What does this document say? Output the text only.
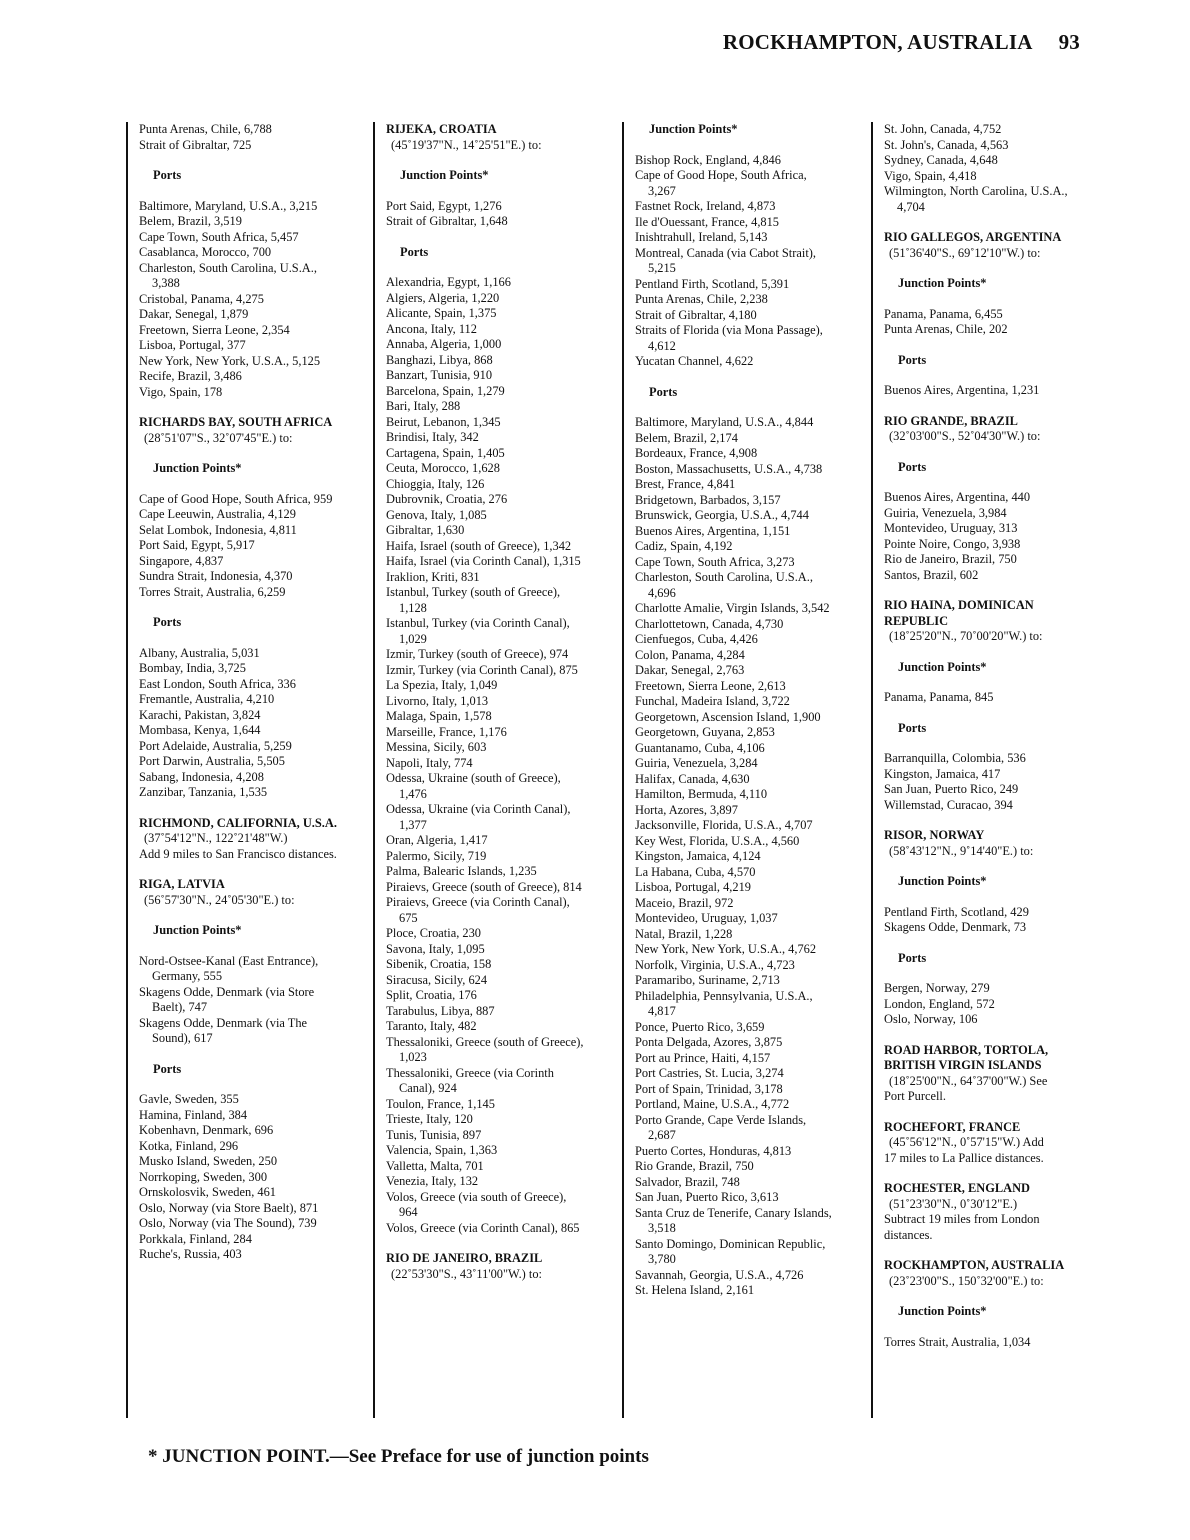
ROCKHAMPTON, AUSTRALIA 93
Punta Arenas, Chile, 6,788
Strait of Gibraltar, 725
Ports
Baltimore, Maryland, U.S.A., 3,215
Belem, Brazil, 3,519
Cape Town, South Africa, 5,457
Casablanca, Morocco, 700
Charleston, South Carolina, U.S.A., 3,388
Cristobal, Panama, 4,275
Dakar, Senegal, 1,879
Freetown, Sierra Leone, 2,354
Lisboa, Portugal, 377
New York, New York, U.S.A., 5,125
Recife, Brazil, 3,486
Vigo, Spain, 178
RICHARDS BAY, SOUTH AFRICA
(28˚51'07"S., 32˚07'45"E.) to:
Junction Points*
Cape of Good Hope, South Africa, 959
Cape Leeuwin, Australia, 4,129
Selat Lombok, Indonesia, 4,811
Port Said, Egypt, 5,917
Singapore, 4,837
Sundra Strait, Indonesia, 4,370
Torres Strait, Australia, 6,259
Ports
Albany, Australia, 5,031
Bombay, India, 3,725
East London, South Africa, 336
Fremantle, Australia, 4,210
Karachi, Pakistan, 3,824
Mombasa, Kenya, 1,644
Port Adelaide, Australia, 5,259
Port Darwin, Australia, 5,505
Sabang, Indonesia, 4,208
Zanzibar, Tanzania, 1,535
RICHMOND, CALIFORNIA, U.S.A.
(37˚54'12"N., 122˚21'48"W.)
Add 9 miles to San Francisco distances.
RIGA, LATVIA
(56˚57'30"N., 24˚05'30"E.) to:
Junction Points*
Nord-Ostsee-Kanal (East Entrance), Germany, 555
Skagens Odde, Denmark (via Store Baelt), 747
Skagens Odde, Denmark (via The Sound), 617
Ports
Gavle, Sweden, 355
Hamina, Finland, 384
Kobenhavn, Denmark, 696
Kotka, Finland, 296
Musko Island, Sweden, 250
Norrkoping, Sweden, 300
Ornskolosvik, Sweden, 461
Oslo, Norway (via Store Baelt), 871
Oslo, Norway (via The Sound), 739
Porkkala, Finland, 284
Ruche's, Russia, 403
RIJEKA, CROATIA
(45˚19'37"N., 14˚25'51"E.) to:
Junction Points*
Port Said, Egypt, 1,276
Strait of Gibraltar, 1,648
Ports
Alexandria, Egypt, 1,166
Algiers, Algeria, 1,220
Alicante, Spain, 1,375
Ancona, Italy, 112
Annaba, Algeria, 1,000
Banghazi, Libya, 868
Banzart, Tunisia, 910
Barcelona, Spain, 1,279
Bari, Italy, 288
Beirut, Lebanon, 1,345
Brindisi, Italy, 342
Cartagena, Spain, 1,405
Ceuta, Morocco, 1,628
Chioggia, Italy, 126
Dubrovnik, Croatia, 276
Genova, Italy, 1,085
Gibraltar, 1,630
Haifa, Israel (south of Greece), 1,342
Haifa, Israel (via Corinth Canal), 1,315
Iraklion, Kriti, 831
Istanbul, Turkey (south of Greece), 1,128
Istanbul, Turkey (via Corinth Canal), 1,029
Izmir, Turkey (south of Greece), 974
Izmir, Turkey (via Corinth Canal), 875
La Spezia, Italy, 1,049
Livorno, Italy, 1,013
Malaga, Spain, 1,578
Marseille, France, 1,176
Messina, Sicily, 603
Napoli, Italy, 774
Odessa, Ukraine (south of Greece), 1,476
Odessa, Ukraine (via Corinth Canal), 1,377
Oran, Algeria, 1,417
Palermo, Sicily, 719
Palma, Balearic Islands, 1,235
Piraievs, Greece (south of Greece), 814
Piraievs, Greece (via Corinth Canal), 675
Ploce, Croatia, 230
Savona, Italy, 1,095
Sibenik, Croatia, 158
Siracusa, Sicily, 624
Split, Croatia, 176
Tarabulus, Libya, 887
Taranto, Italy, 482
Thessaloniki, Greece (south of Greece), 1,023
Thessaloniki, Greece (via Corinth Canal), 924
Toulon, France, 1,145
Trieste, Italy, 120
Tunis, Tunisia, 897
Valencia, Spain, 1,363
Valletta, Malta, 701
Venezia, Italy, 132
Volos, Greece (via south of Greece), 964
Volos, Greece (via Corinth Canal), 865
RIO DE JANEIRO, BRAZIL
(22˚53'30"S., 43˚11'00"W.) to:
Junction Points*
Bishop Rock, England, 4,846
Cape of Good Hope, South Africa, 3,267
Fastnet Rock, Ireland, 4,873
Ile d'Ouessant, France, 4,815
Inishtrahull, Ireland, 5,143
Montreal, Canada (via Cabot Strait), 5,215
Pentland Firth, Scotland, 5,391
Punta Arenas, Chile, 2,238
Strait of Gibraltar, 4,180
Straits of Florida (via Mona Passage), 4,612
Yucatan Channel, 4,622
Ports
Baltimore, Maryland, U.S.A., 4,844
Belem, Brazil, 2,174
Bordeaux, France, 4,908
Boston, Massachusetts, U.S.A., 4,738
Brest, France, 4,841
Bridgetown, Barbados, 3,157
Brunswick, Georgia, U.S.A., 4,744
Buenos Aires, Argentina, 1,151
Cadiz, Spain, 4,192
Cape Town, South Africa, 3,273
Charleston, South Carolina, U.S.A., 4,696
Charlotte Amalie, Virgin Islands, 3,542
Charlottetown, Canada, 4,730
Cienfuegos, Cuba, 4,426
Colon, Panama, 4,284
Dakar, Senegal, 2,763
Freetown, Sierra Leone, 2,613
Funchal, Madeira Island, 3,722
Georgetown, Ascension Island, 1,900
Georgetown, Guyana, 2,853
Guantanamo, Cuba, 4,106
Guiria, Venezuela, 3,284
Halifax, Canada, 4,630
Hamilton, Bermuda, 4,110
Horta, Azores, 3,897
Jacksonville, Florida, U.S.A., 4,707
Key West, Florida, U.S.A., 4,560
Kingston, Jamaica, 4,124
La Habana, Cuba, 4,570
Lisboa, Portugal, 4,219
Maceio, Brazil, 972
Montevideo, Uruguay, 1,037
Natal, Brazil, 1,228
New York, New York, U.S.A., 4,762
Norfolk, Virginia, U.S.A., 4,723
Paramaribo, Suriname, 2,713
Philadelphia, Pennsylvania, U.S.A., 4,817
Ponce, Puerto Rico, 3,659
Ponta Delgada, Azores, 3,875
Port au Prince, Haiti, 4,157
Port Castries, St. Lucia, 3,274
Port of Spain, Trinidad, 3,178
Portland, Maine, U.S.A., 4,772
Porto Grande, Cape Verde Islands, 2,687
Puerto Cortes, Honduras, 4,813
Rio Grande, Brazil, 750
Salvador, Brazil, 748
San Juan, Puerto Rico, 3,613
Santa Cruz de Tenerife, Canary Islands, 3,518
Santo Domingo, Dominican Republic, 3,780
Savannah, Georgia, U.S.A., 4,726
St. Helena Island, 2,161
St. John, Canada, 4,752
St. John's, Canada, 4,563
Sydney, Canada, 4,648
Vigo, Spain, 4,418
Wilmington, North Carolina, U.S.A., 4,704
RIO GALLEGOS, ARGENTINA
(51˚36'40"S., 69˚12'10"W.) to:
Junction Points*
Panama, Panama, 6,455
Punta Arenas, Chile, 202
Ports
Buenos Aires, Argentina, 1,231
RIO GRANDE, BRAZIL
(32˚03'00"S., 52˚04'30"W.) to:
Ports
Buenos Aires, Argentina, 440
Guiria, Venezuela, 3,984
Montevideo, Uruguay, 313
Pointe Noire, Congo, 3,938
Rio de Janeiro, Brazil, 750
Santos, Brazil, 602
RIO HAINA, DOMINICAN REPUBLIC
(18˚25'20"N., 70˚00'20"W.) to:
Junction Points*
Panama, Panama, 845
Ports
Barranquilla, Colombia, 536
Kingston, Jamaica, 417
San Juan, Puerto Rico, 249
Willemstad, Curacao, 394
RISOR, NORWAY
(58˚43'12"N., 9˚14'40"E.) to:
Junction Points*
Pentland Firth, Scotland, 429
Skagens Odde, Denmark, 73
Ports
Bergen, Norway, 279
London, England, 572
Oslo, Norway, 106
ROAD HARBOR, TORTOLA, BRITISH VIRGIN ISLANDS
(18˚25'00"N., 64˚37'00"W.) See
Port Purcell.
ROCHEFORT, FRANCE
(45˚56'12"N., 0˚57'15"W.) Add
17 miles to La Pallice distances.
ROCHESTER, ENGLAND
(51˚23'30"N., 0˚30'12"E.)
Subtract 19 miles from London distances.
ROCKHAMPTON, AUSTRALIA
(23˚23'00"S., 150˚32'00"E.) to:
Junction Points*
Torres Strait, Australia, 1,034
* JUNCTION POINT.—See Preface for use of junction points
